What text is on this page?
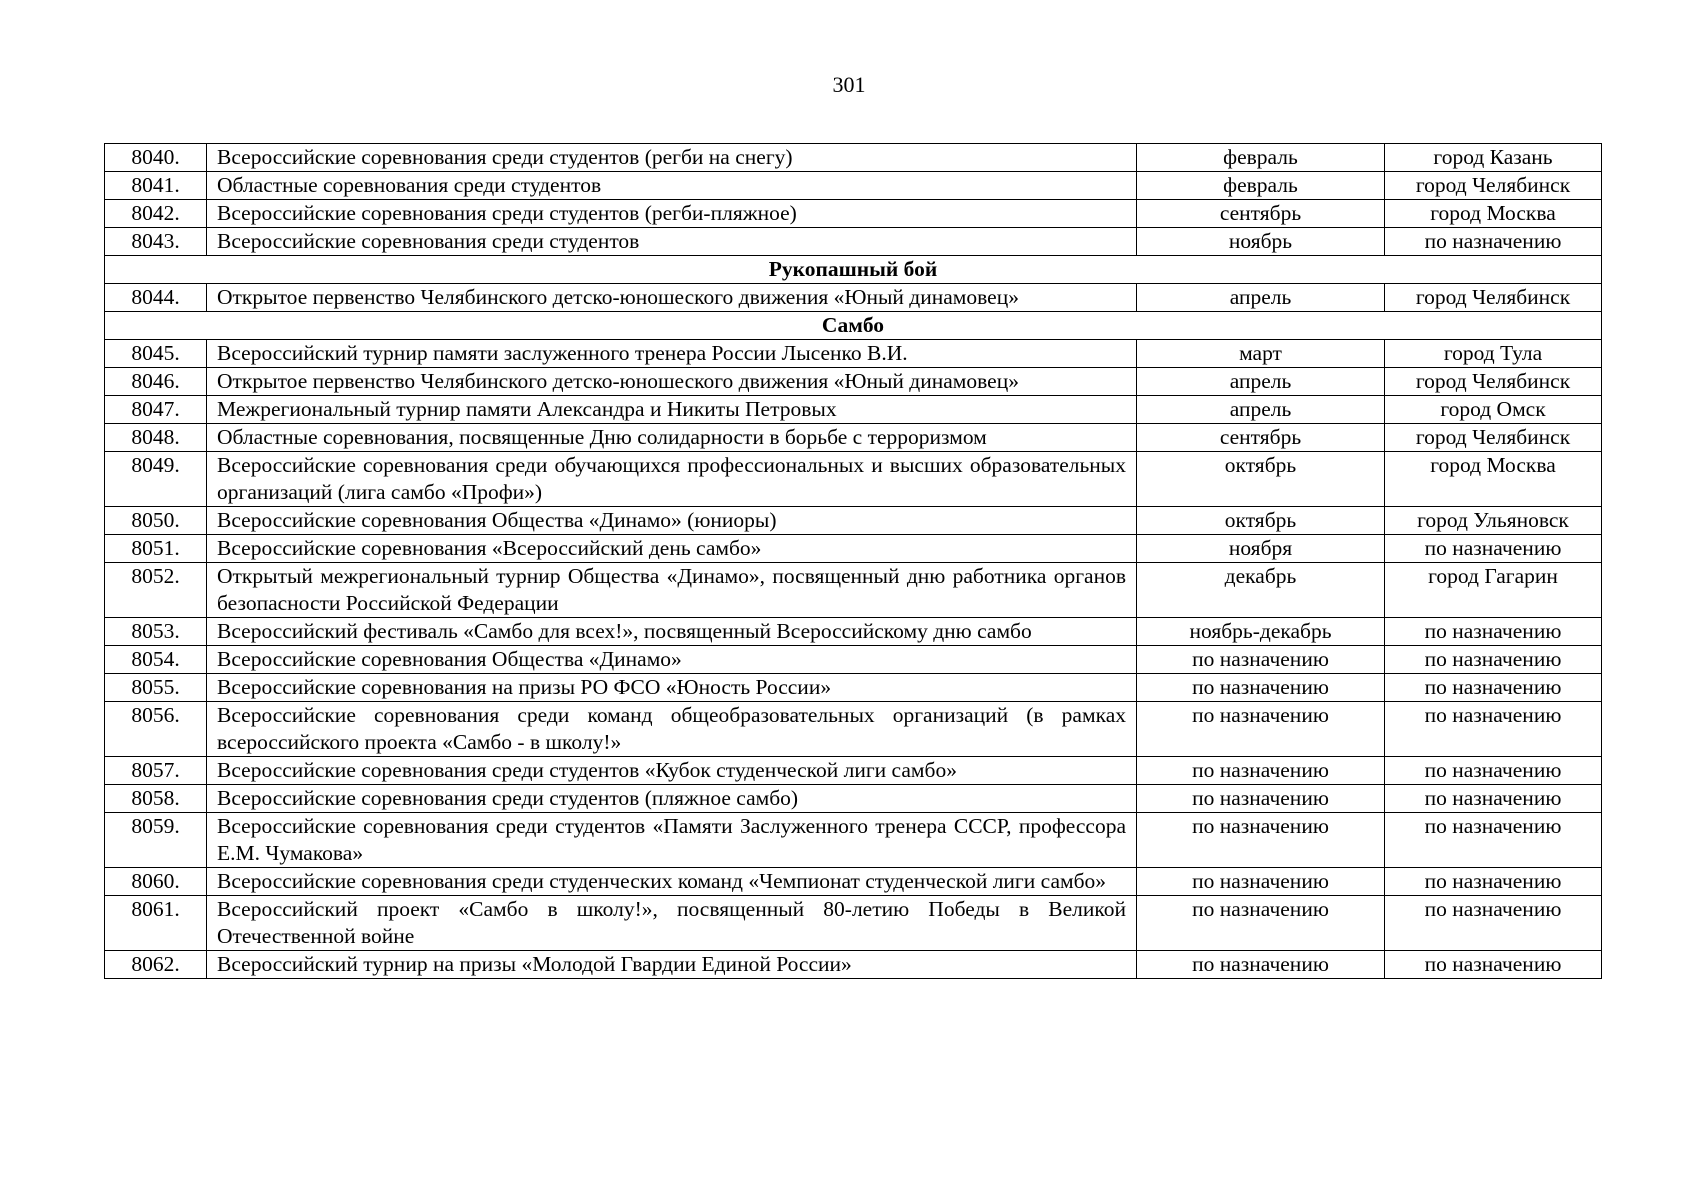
301
8040.	Всероссийские соревнования среди студентов (регби на снегу)	февраль	город Казань
8041.	Областные соревнования среди студентов	февраль	город Челябинск
8042.	Всероссийские соревнования среди студентов (регби-пляжное)	сентябрь	город Москва
8043.	Всероссийские соревнования среди студентов	ноябрь	по назначению
Рукопашный бой			
8044.	Открытое первенство Челябинского детско-юношеского движения «Юный динамовец»	апрель	город Челябинск
Самбо			
8045.	Всероссийский турнир памяти заслуженного тренера России Лысенко В.И.	март	город Тула
8046.	Открытое первенство Челябинского детско-юношеского движения «Юный динамовец»	апрель	город Челябинск
8047.	Межрегиональный турнир памяти Александра и Никиты Петровых	апрель	город Омск
8048.	Областные соревнования, посвященные Дню солидарности в борьбе с терроризмом	сентябрь	город Челябинск
8049.	Всероссийские соревнования среди обучающихся профессиональных и высших образовательных организаций (лига самбо «Профи»)	октябрь	город Москва
8050.	Всероссийские соревнования Общества «Динамо» (юниоры)	октябрь	город Ульяновск
8051.	Всероссийские соревнования «Всероссийский день самбо»	ноября	по назначению
8052.	Открытый межрегиональный турнир Общества «Динамо», посвященный дню работника органов безопасности Российской Федерации	декабрь	город Гагарин
8053.	Всероссийский фестиваль «Самбо для всех!», посвященный Всероссийскому дню самбо	ноябрь-декабрь	по назначению
8054.	Всероссийские соревнования Общества «Динамо»	по назначению	по назначению
8055.	Всероссийские соревнования на призы РО ФСО «Юность России»	по назначению	по назначению
8056.	Всероссийские соревнования среди команд общеобразовательных организаций (в рамках всероссийского проекта «Самбо - в школу!»	по назначению	по назначению
8057.	Всероссийские соревнования среди студентов «Кубок студенческой лиги самбо»	по назначению	по назначению
8058.	Всероссийские соревнования среди студентов (пляжное самбо)	по назначению	по назначению
8059.	Всероссийские соревнования среди студентов «Памяти Заслуженного тренера СССР, профессора Е.М. Чумакова»	по назначению	по назначению
8060.	Всероссийские соревнования среди студенческих команд «Чемпионат студенческой лиги самбо»	по назначению	по назначению
8061.	Всероссийский проект «Самбо в школу!», посвященный 80-летию Победы в Великой Отечественной войне	по назначению	по назначению
8062.	Всероссийский турнир на призы «Молодой Гвардии Единой России»	по назначению	по назначению
